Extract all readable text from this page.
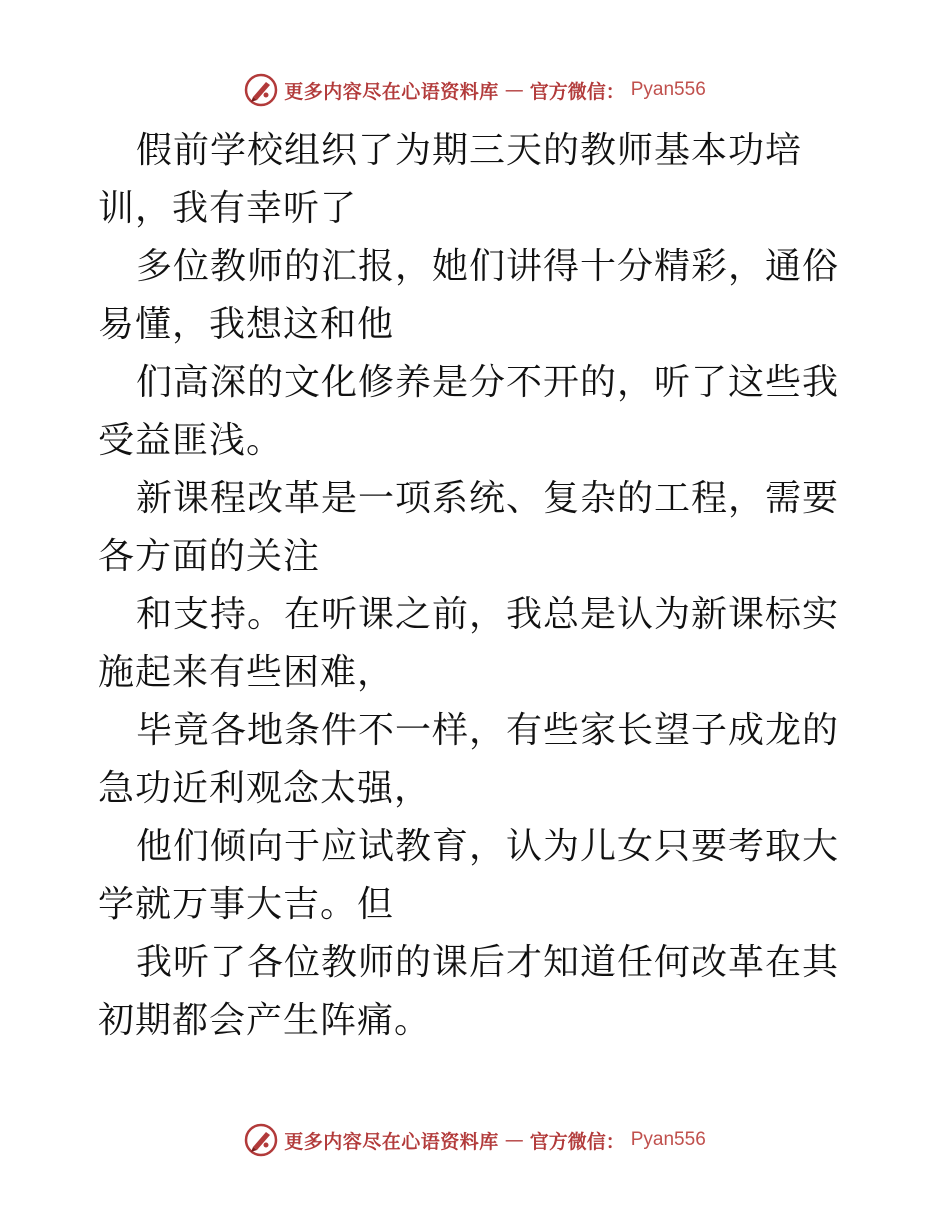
更多内容尽在心语资料库 — 官方微信： Pyan556

假前学校组织了为期三天的教师基本功培训，我有幸听了

多位教师的汇报，她们讲得十分精彩，通俗易懂，我想这和他

们高深的文化修养是分不开的，听了这些我受益匪浅。

新课程改革是一项系统、复杂的工程，需要各方面的关注

和支持。在听课之前，我总是认为新课标实施起来有些困难，

毕竟各地条件不一样，有些家长望子成龙的急功近利观念太强，

他们倾向于应试教育，认为儿女只要考取大学就万事大吉。但

我听了各位教师的课后才知道任何改革在其初期都会产生阵痛。

更多内容尽在心语资料库 — 官方微信： Pyan556
